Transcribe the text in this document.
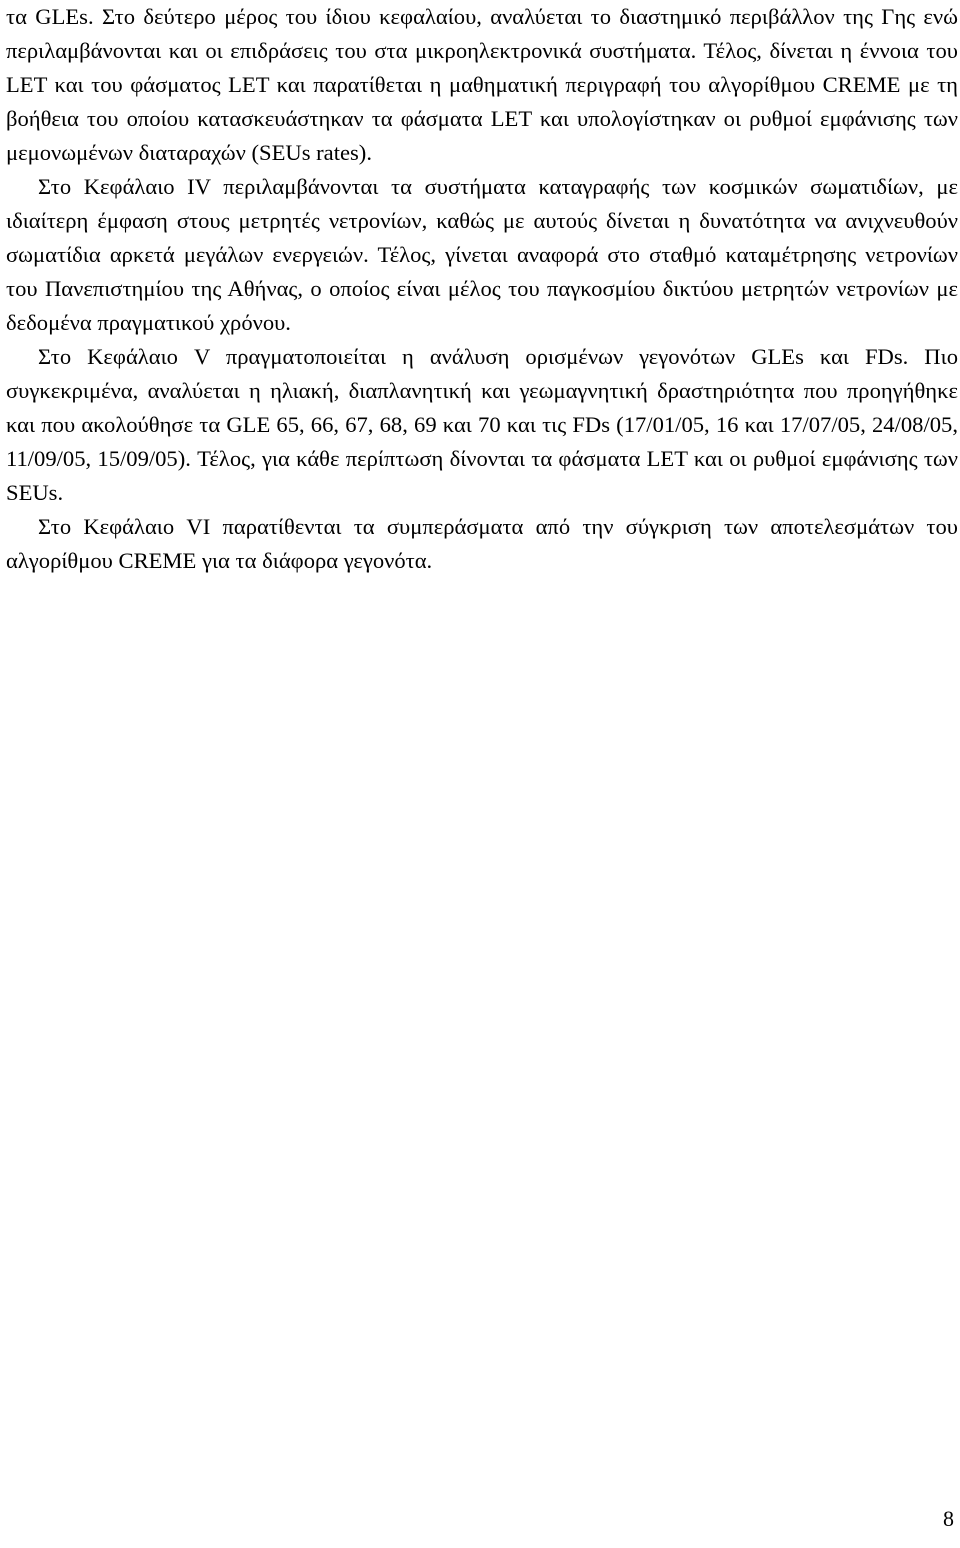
τα GLEs. Στο δεύτερο μέρος του ίδιου κεφαλαίου, αναλύεται το διαστημικό περιβάλλον της Γης ενώ περιλαμβάνονται και οι επιδράσεις του στα μικροηλεκτρονικά συστήματα. Τέλος, δίνεται η έννοια του LET και του φάσματος LET και παρατίθεται η μαθηματική περιγραφή του αλγορίθμου CREME με τη βοήθεια του οποίου κατασκευάστηκαν τα φάσματα LET και υπολογίστηκαν οι ρυθμοί εμφάνισης των μεμονωμένων διαταραχών (SEUs rates).

Στο Κεφάλαιο IV περιλαμβάνονται τα συστήματα καταγραφής των κοσμικών σωματιδίων, με ιδιαίτερη έμφαση στους μετρητές νετρονίων, καθώς με αυτούς δίνεται η δυνατότητα να ανιχνευθούν σωματίδια αρκετά μεγάλων ενεργειών. Τέλος, γίνεται αναφορά στο σταθμό καταμέτρησης νετρονίων του Πανεπιστημίου της Αθήνας, ο οποίος είναι μέλος του παγκοσμίου δικτύου μετρητών νετρονίων με δεδομένα πραγματικού χρόνου.

Στο Κεφάλαιο V πραγματοποιείται η ανάλυση ορισμένων γεγονότων GLEs και FDs. Πιο συγκεκριμένα, αναλύεται η ηλιακή, διαπλανητική και γεωμαγνητική δραστηριότητα που προηγήθηκε και που ακολούθησε τα GLE 65, 66, 67, 68, 69 και 70 και τις FDs (17/01/05, 16 και 17/07/05, 24/08/05, 11/09/05, 15/09/05). Τέλος, για κάθε περίπτωση δίνονται τα φάσματα LET και οι ρυθμοί εμφάνισης των SEUs.

Στο Κεφάλαιο VI παρατίθενται τα συμπεράσματα από την σύγκριση των αποτελεσμάτων του αλγορίθμου CREME για τα διάφορα γεγονότα.

8
